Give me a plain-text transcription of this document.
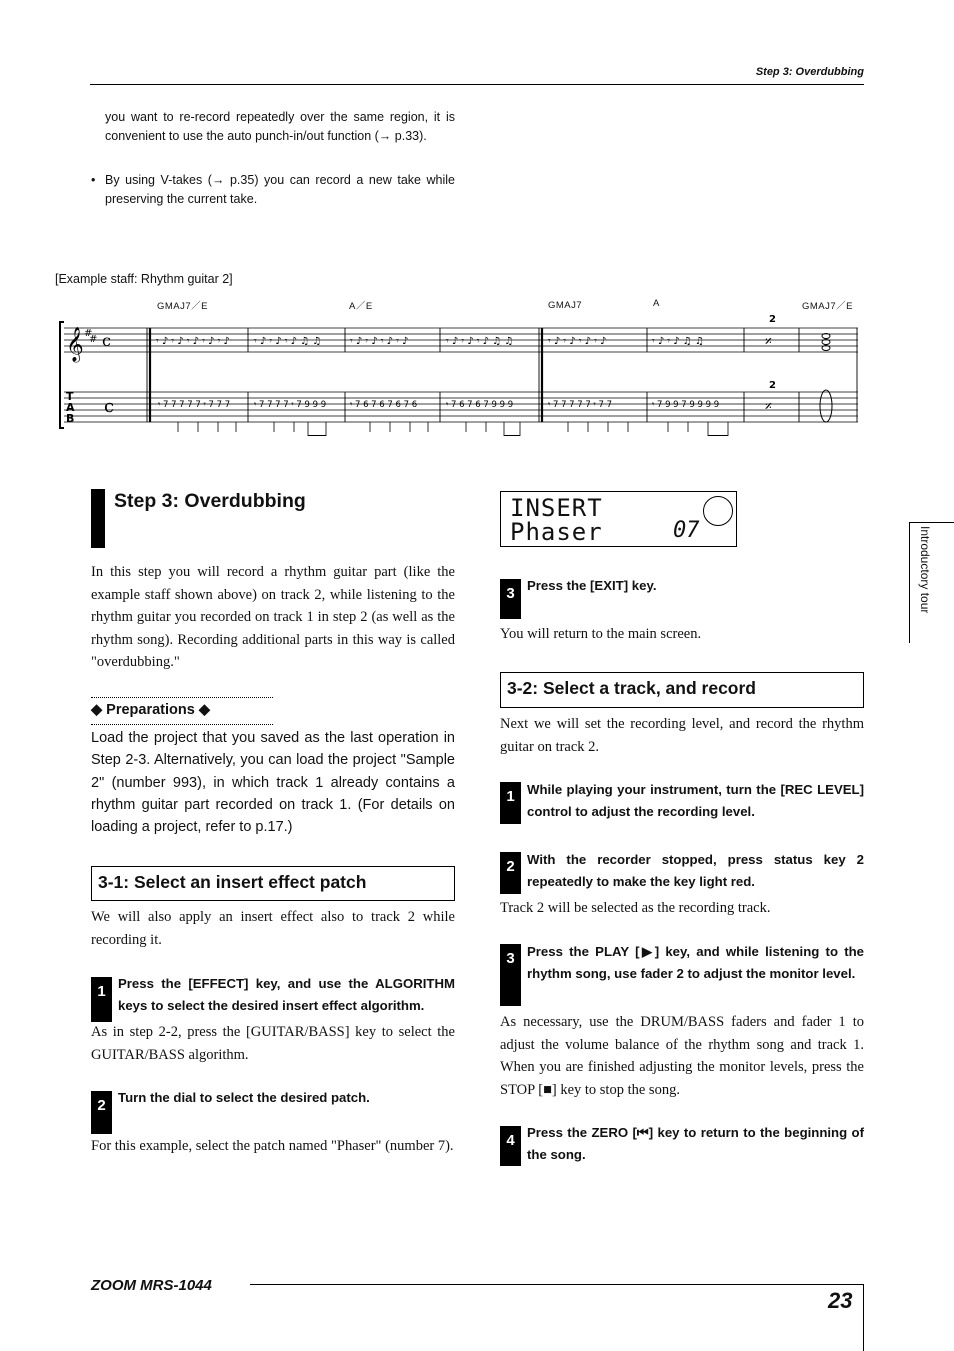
Step 3: Overdubbing
you want to re-record repeatedly over the same region, it is convenient to use the auto punch-in/out function (→ p.33).
• By using V-takes (→ p.35) you can record a new take while preserving the current take.
[Example staff: Rhythm guitar 2]
GMAJ7／E	A／E	GMAJ7	A	GMAJ7／E
𝄞 #
# c
c
𝄾 ♪ 𝄾 ♪ 𝄾 ♪ 𝄾 ♪ 𝄾 ♪ 𝄾 ♪ 𝄾 ♪ 𝄾 ♪ ♫ ♫	𝄾 ♪ 𝄾 ♪ 𝄾 ♪ 𝄾 ♪	𝄾 ♪ 𝄾 ♪ 𝄾 ♪ ♫ ♫	𝄾 ♪ 𝄾 ♪ 𝄾 ♪ 𝄾 ♪	𝄾 ♪ 𝄾 ♪ ♫ ♫
𝄾 7 7 7 7 7 𝄾 7 7 7	𝄾 7 7 7 7 𝄾 7 9 9 9	𝄾 7 6 7 6 7 6 7 6	𝄾 7 6 7 6 7 9 9 9	𝄾 7 7 7 7 7 𝄾 7 7	𝄾 7 9 9 7 9 9 9 9
𝄎
𝄎
2
2
T
A
B
Step 3: Overdubbing
In this step you will record a rhythm guitar part (like the example staff shown above) on track 2, while listening to the rhythm guitar you recorded on track 1 in step 2 (as well as the rhythm song). Recording additional parts in this way is called "overdubbing."
◆ Preparations ◆
Load the project that you saved as the last operation in Step 2-3. Alternatively, you can load the project "Sample 2" (number 993), in which track 1 already contains a rhythm guitar part recorded on track 1. (For details on loading a project, refer to p.17.)
3-1: Select an insert effect patch
We will also apply an insert effect also to track 2 while recording it.
1 Press the [EFFECT] key, and use the ALGORITHM keys to select the desired insert effect algorithm.
As in step 2-2, press the [GUITAR/BASS] key to select the GUITAR/BASS algorithm.
2 Turn the dial to select the desired patch.
For this example, select the patch named "Phaser" (number 7).
INSERT
Phaser	07
3 Press the [EXIT] key.
You will return to the main screen.
3-2: Select a track, and record
Next we will set the recording level, and record the rhythm guitar on track 2.
1 While playing your instrument, turn the [REC LEVEL] control to adjust the recording level.
2 With the recorder stopped, press status key 2 repeatedly to make the key light red.
Track 2 will be selected as the recording track.
3 Press the PLAY [▶] key, and while listening to the rhythm song, use fader 2 to adjust the monitor level.
As necessary, use the DRUM/BASS faders and fader 1 to adjust the volume balance of the rhythm song and track 1. When you are finished adjusting the monitor levels, press the STOP [■] key to stop the song.
4 Press the ZERO [⏮] key to return to the beginning of the song.
Introductory tour
ZOOM MRS-1044
23
